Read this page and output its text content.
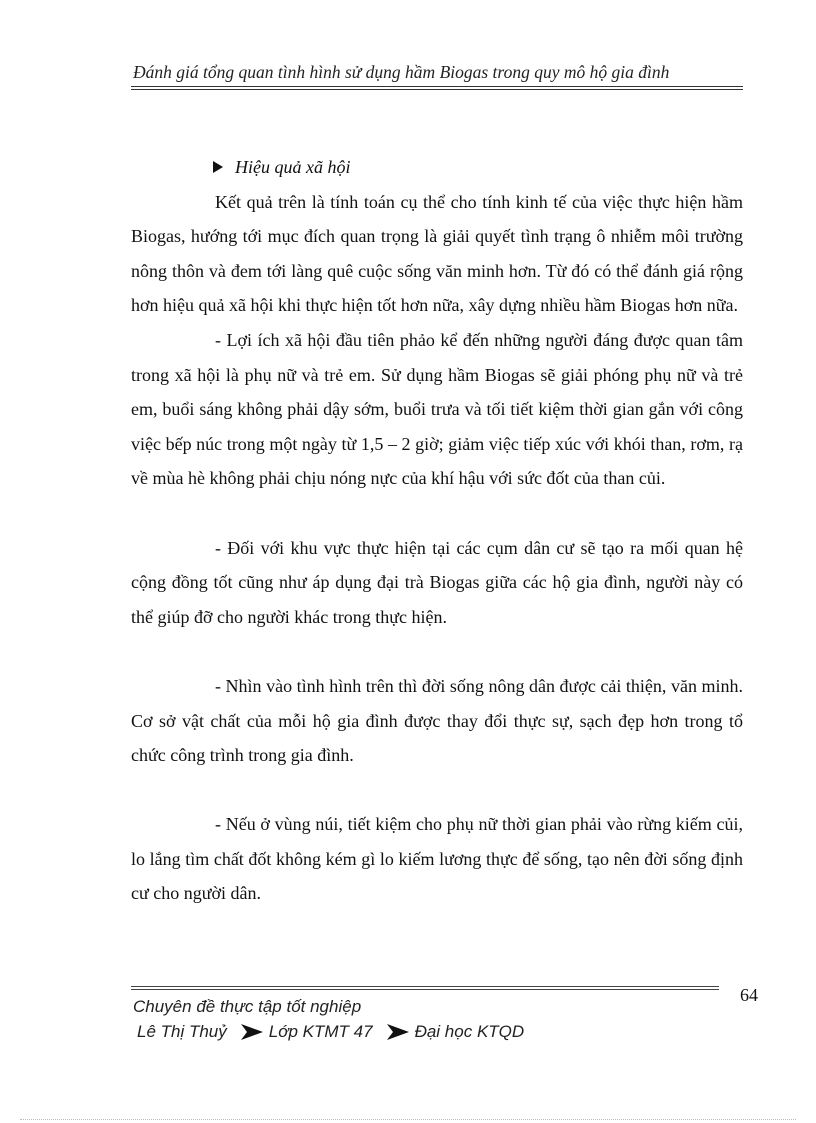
Đánh giá tổng quan tình hình sử dụng hầm Biogas trong quy mô hộ gia đình

Hiệu quả xã hội

Kết quả trên là tính toán cụ thể cho tính kinh tế của việc thực hiện hầm Biogas, hướng tới mục đích quan trọng là giải quyết tình trạng ô nhiễm môi trường nông thôn và đem tới làng quê cuộc sống văn minh hơn. Từ đó có thể đánh giá rộng hơn hiệu quả xã hội khi thực hiện tốt hơn nữa, xây dựng nhiều hầm Biogas hơn nữa.

- Lợi ích xã hội đầu tiên phảo kể đến những người đáng được quan tâm trong xã hội là phụ nữ và trẻ em. Sử dụng hầm Biogas sẽ giải phóng phụ nữ và trẻ em, buổi sáng không phải dậy sớm, buổi trưa và tối tiết kiệm thời gian gắn với công việc bếp núc trong một ngày từ 1,5 – 2 giờ; giảm việc tiếp xúc với khói than, rơm, rạ về mùa hè không phải chịu nóng nực của khí hậu với sức đốt của than củi.

- Đối với khu vực thực hiện tại các cụm dân cư sẽ tạo ra mối quan hệ cộng đồng tốt cũng như áp dụng đại trà Biogas giữa các hộ gia đình, người này có thể giúp đỡ cho người khác trong thực hiện.

- Nhìn vào tình hình trên thì đời sống nông dân được cải thiện, văn minh. Cơ sở vật chất của mỗi hộ gia đình được thay đổi thực sự, sạch đẹp hơn trong tổ chức công trình trong gia đình.

- Nếu ở vùng núi, tiết kiệm cho phụ nữ thời gian phải vào rừng kiếm củi, lo lắng tìm chất đốt không kém gì lo kiếm lương thực để sống, tạo nên đời sống định cư cho người dân.

64
Chuyên đề thực tập tốt nghiệp
Lê Thị Thuỷ Lớp KTMT 47 Đại học KTQD
